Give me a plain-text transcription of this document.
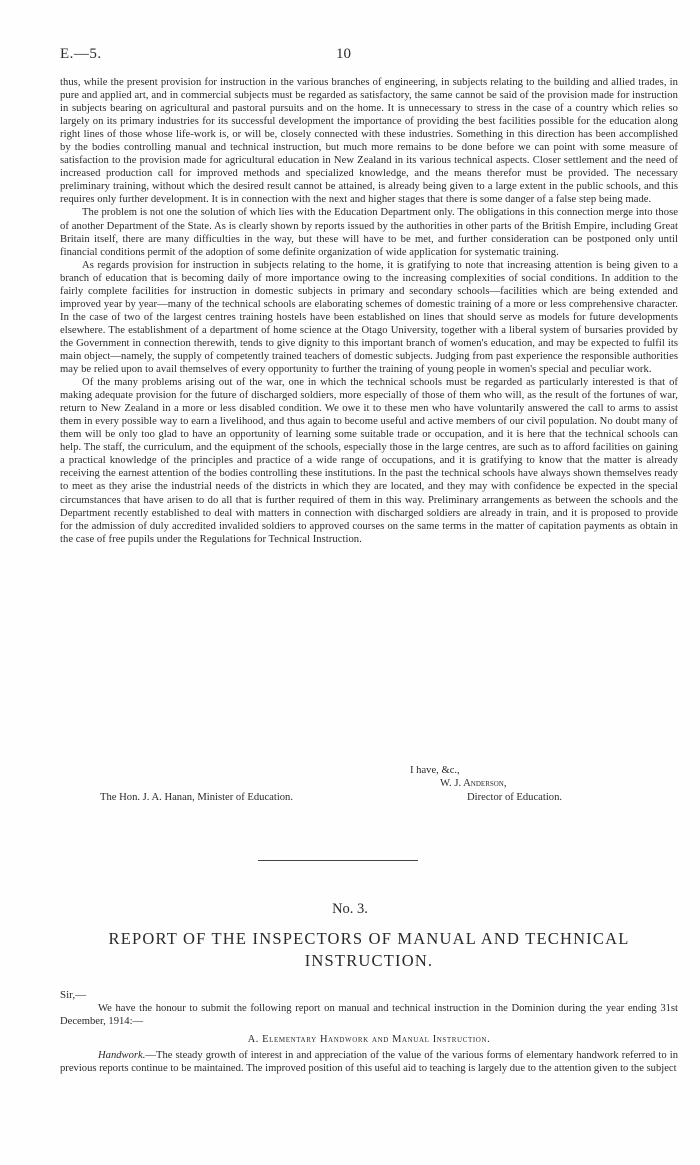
E.—5.	10

thus, while the present provision for instruction in the various branches of engineering, in subjects relating to the building and allied trades, in pure and applied art, and in commercial subjects must be regarded as satisfactory, the same cannot be said of the provision made for instruction in subjects bearing on agricultural and pastoral pursuits and on the home. It is unnecessary to stress in the case of a country which relies so largely on its primary industries for its successful development the importance of providing the best facilities possible for the education along right lines of those whose life-work is, or will be, closely connected with these industries. Something in this direction has been accomplished by the bodies controlling manual and technical instruction, but much more remains to be done before we can point with some measure of satisfaction to the provision made for agricultural education in New Zealand in its various technical aspects. Closer settlement and the need of increased production call for improved methods and specialized knowledge, and the means therefor must be provided. The necessary preliminary training, without which the desired result cannot be attained, is already being given to a large extent in the public schools, and this requires only further development. It is in connection with the next and higher stages that there is some danger of a false step being made.

The problem is not one the solution of which lies with the Education Department only. The obligations in this connection merge into those of another Department of the State. As is clearly shown by reports issued by the authorities in other parts of the British Empire, including Great Britain itself, there are many difficulties in the way, but these will have to be met, and further consideration can be postponed only until financial conditions permit of the adoption of some definite organization of wide application for systematic training.

As regards provision for instruction in subjects relating to the home, it is gratifying to note that increasing attention is being given to a branch of education that is becoming daily of more importance owing to the increasing complexities of social conditions. In addition to the fairly complete facilities for instruction in domestic subjects in primary and secondary schools—facilities which are being extended and improved year by year—many of the technical schools are elaborating schemes of domestic training of a more or less comprehensive character. In the case of two of the largest centres training hostels have been established on lines that should serve as models for future developments elsewhere. The establishment of a department of home science at the Otago University, together with a liberal system of bursaries provided by the Government in connection therewith, tends to give dignity to this important branch of women's education, and may be expected to fulfil its main object—namely, the supply of competently trained teachers of domestic subjects. Judging from past experience the responsible authorities may be relied upon to avail themselves of every opportunity to further the training of young people in women's special and peculiar work.

Of the many problems arising out of the war, one in which the technical schools must be regarded as particularly interested is that of making adequate provision for the future of discharged soldiers, more especially of those of them who will, as the result of the fortunes of war, return to New Zealand in a more or less disabled condition. We owe it to these men who have voluntarily answered the call to arms to assist them in every possible way to earn a livelihood, and thus again to become useful and active members of our civil population. No doubt many of them will be only too glad to have an opportunity of learning some suitable trade or occupation, and it is here that the technical schools can help. The staff, the curriculum, and the equipment of the schools, especially those in the large centres, are such as to afford facilities on gaining a practical knowledge of the principles and practice of a wide range of occupations, and it is gratifying to know that the matter is already receiving the earnest attention of the bodies controlling these institutions. In the past the technical schools have always shown themselves ready to meet as they arise the industrial needs of the districts in which they are located, and they may with confidence be expected in the special circumstances that have arisen to do all that is further required of them in this way. Preliminary arrangements as between the schools and the Department recently established to deal with matters in connection with discharged soldiers are already in train, and it is proposed to provide for the admission of duly accredited invalided soldiers to approved courses on the same terms in the matter of capitation payments as obtain in the case of free pupils under the Regulations for Technical Instruction.

I have, &c.,
W. J. Anderson,
The Hon. J. A. Hanan, Minister of Education.	Director of Education.
No. 3.
REPORT OF THE INSPECTORS OF MANUAL AND TECHNICAL
INSTRUCTION.

Sir,—

We have the honour to submit the following report on manual and technical instruction in the Dominion during the year ending 31st December, 1914:—

A. Elementary Handwork and Manual Instruction.

Handwork.—The steady growth of interest in and appreciation of the value of the various forms of elementary handwork referred to in previous reports continue to be maintained. The improved position of this useful aid to teaching is largely due to the attention given to the subject
